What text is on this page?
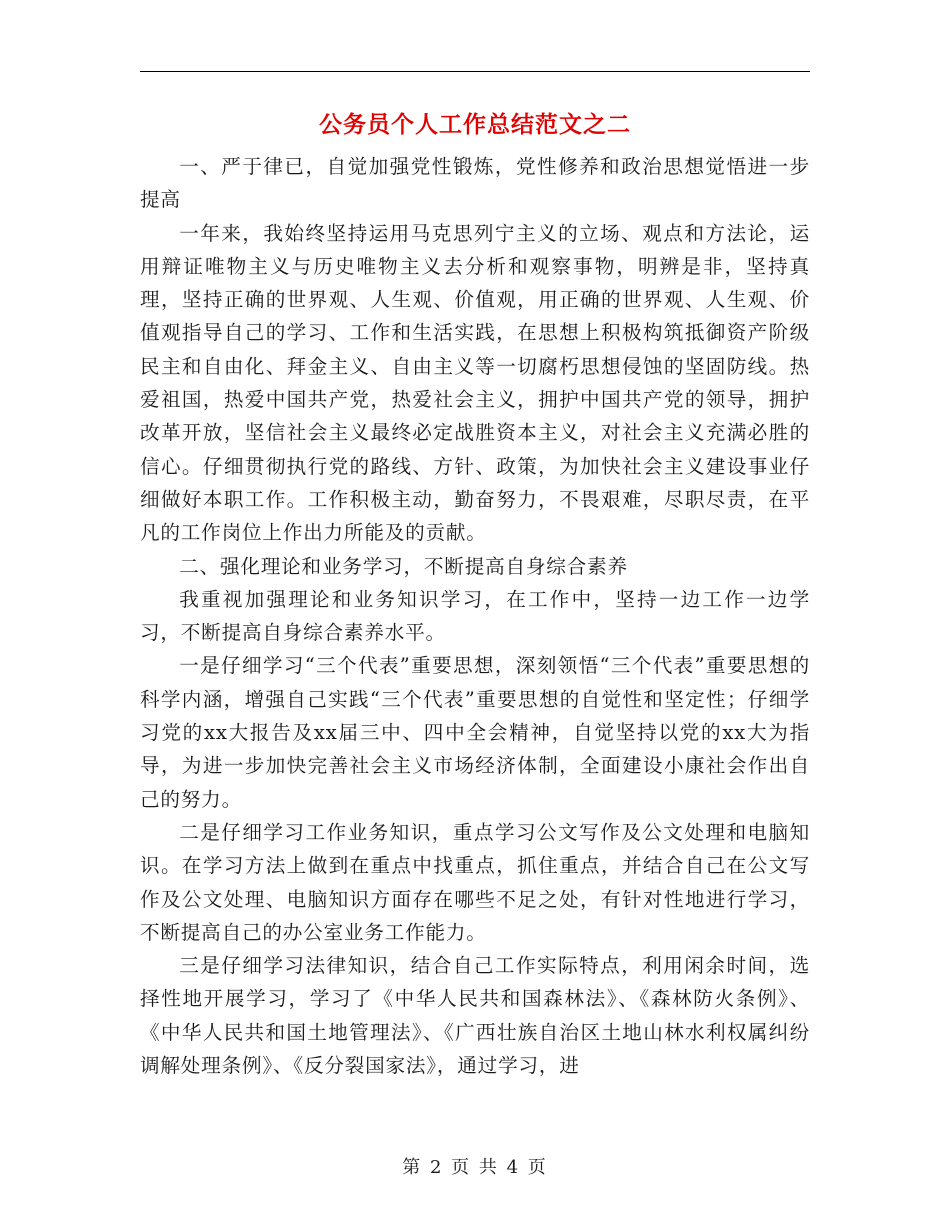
公务员个人工作总结范文之二

一、严于律已，自觉加强党性锻炼，党性修养和政治思想觉悟进一步提高

一年来，我始终坚持运用马克思列宁主义的立场、观点和方法论，运用辩证唯物主义与历史唯物主义去分析和观察事物，明辨是非，坚持真理，坚持正确的世界观、人生观、价值观，用正确的世界观、人生观、价值观指导自己的学习、工作和生活实践，在思想上积极构筑抵御资产阶级民主和自由化、拜金主义、自由主义等一切腐朽思想侵蚀的坚固防线。热爱祖国，热爱中国共产党，热爱社会主义，拥护中国共产党的领导，拥护改革开放，坚信社会主义最终必定战胜资本主义，对社会主义充满必胜的信心。仔细贯彻执行党的路线、方针、政策，为加快社会主义建设事业仔细做好本职工作。工作积极主动，勤奋努力，不畏艰难，尽职尽责，在平凡的工作岗位上作出力所能及的贡献。

二、强化理论和业务学习，不断提高自身综合素养

我重视加强理论和业务知识学习，在工作中，坚持一边工作一边学习，不断提高自身综合素养水平。

一是仔细学习“三个代表”重要思想，深刻领悟“三个代表”重要思想的科学内涵，增强自己实践“三个代表”重要思想的自觉性和坚定性；仔细学习党的xx大报告及xx届三中、四中全会精神，自觉坚持以党的xx大为指导，为进一步加快完善社会主义市场经济体制，全面建设小康社会作出自己的努力。

二是仔细学习工作业务知识，重点学习公文写作及公文处理和电脑知识。在学习方法上做到在重点中找重点，抓住重点，并结合自己在公文写作及公文处理、电脑知识方面存在哪些不足之处，有针对性地进行学习，不断提高自己的办公室业务工作能力。

三是仔细学习法律知识，结合自己工作实际特点，利用闲余时间，选择性地开展学习，学习了《中华人民共和国森林法》、《森林防火条例》、《中华人民共和国土地管理法》、《广西壮族自治区土地山林水利权属纠纷调解处理条例》、《反分裂国家法》，通过学习，进

第 2 页 共 4 页
